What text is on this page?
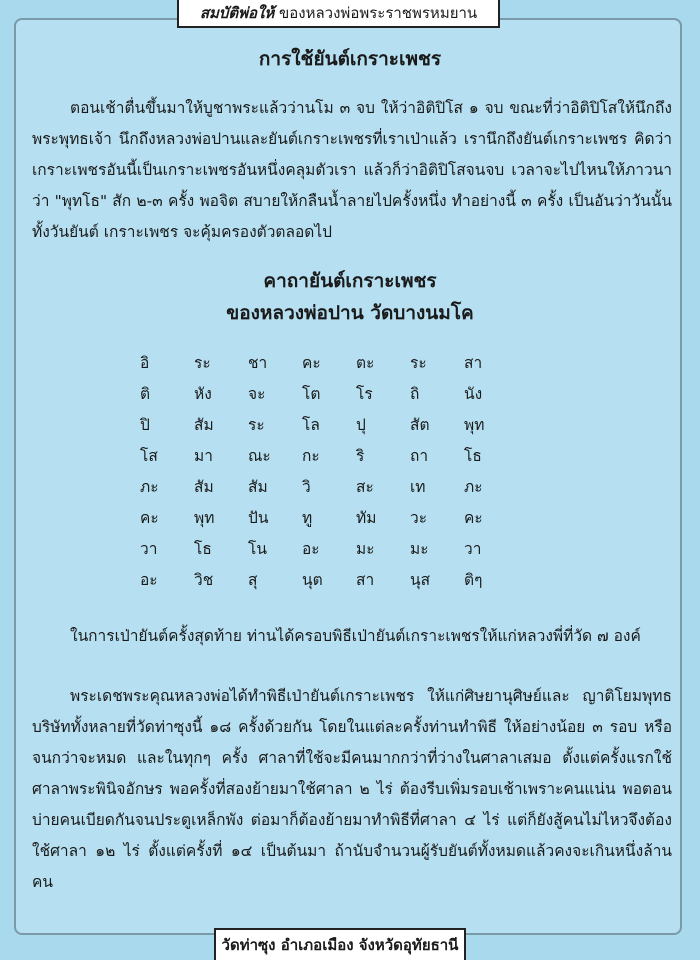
สมบัติพ่อให้ ของหลวงพ่อพระราชพรหมยาน
การใช้ยันต์เกราะเพชร

ตอนเช้าตื่นขึ้นมาให้บูชาพระแล้วว่านโม ๓ จบ ให้ว่าอิติปิโส ๑ จบ ขณะที่ว่าอิติปิโสให้นึกถึงพระพุทธเจ้า นึกถึงหลวงพ่อปานและยันต์เกราะเพชรที่เราเป่าแล้ว เรานึกถึงยันต์เกราะเพชร คิดว่าเกราะเพชรอันนี้เป็นเกราะเพชรอันหนึ่งคลุมตัวเรา แล้วก็ว่าอิติปิโสจนจบ เวลาจะไปไหนให้ภาวนาว่า "พุทโธ" สัก ๒-๓ ครั้ง พอจิต สบายให้กลืนน้ำลายไปครั้งหนึ่ง ทำอย่างนี้ ๓ ครั้ง เป็นอันว่าวันนั้นทั้งวันยันต์ เกราะเพชร จะคุ้มครองตัวตลอดไป

คาถายันต์เกราะเพชร
ของหลวงพ่อปาน วัดบางนมโค
อิ	ระ	ชา	คะ	ตะ	ระ	สา
ติ	หัง	จะ	โต	โร	ถิ	นัง
ปิ	สัม	ระ	โล	ปุ	สัต	พุท
โส	มา	ณะ	กะ	ริ	ถา	โธ
ภะ	สัม	สัม	วิ	สะ	เท	ภะ
คะ	พุท	ปัน	ทู	ทัม	วะ	คะ
วา	โธ	โน	อะ	มะ	มะ	วา
อะ	วิช	สุ	นุต	สา	นุส	ติๆ

ในการเป่ายันต์ครั้งสุดท้าย ท่านได้ครอบพิธีเป่ายันต์เกราะเพชรให้แก่หลวงพี่ที่วัด ๗ องค์

พระเดชพระคุณหลวงพ่อได้ทำพิธีเป่ายันต์เกราะเพชร ให้แก่ศิษยานุศิษย์และ ญาติโยมพุทธบริษัททั้งหลายที่วัดท่าซุงนี้ ๑๘ ครั้งด้วยกัน โดยในแต่ละครั้งท่านทำพิธี ให้อย่างน้อย ๓ รอบ หรือจนกว่าจะหมด และในทุกๆ ครั้ง ศาลาที่ใช้จะมีคนมากกว่าที่ว่างในศาลาเสมอ ตั้งแต่ครั้งแรกใช้ศาลาพระพินิจอักษร พอครั้งที่สองย้ายมาใช้ศาลา ๒ ไร่ ต้องรีบเพิ่มรอบเช้าเพราะคนแน่น พอตอนบ่ายคนเบียดกันจนประตูเหล็กพัง ต่อมาก็ต้องย้ายมาทำพิธีที่ศาลา ๔ ไร่ แต่ก็ยังสู้คนไม่ไหวจึงต้องใช้ศาลา ๑๒ ไร่ ตั้งแต่ครั้งที่ ๑๔ เป็นต้นมา ถ้านับจำนวนผู้รับยันต์ทั้งหมดแล้วคงจะเกินหนึ่งล้านคน

วัดท่าซุง อำเภอเมือง จังหวัดอุทัยธานี
